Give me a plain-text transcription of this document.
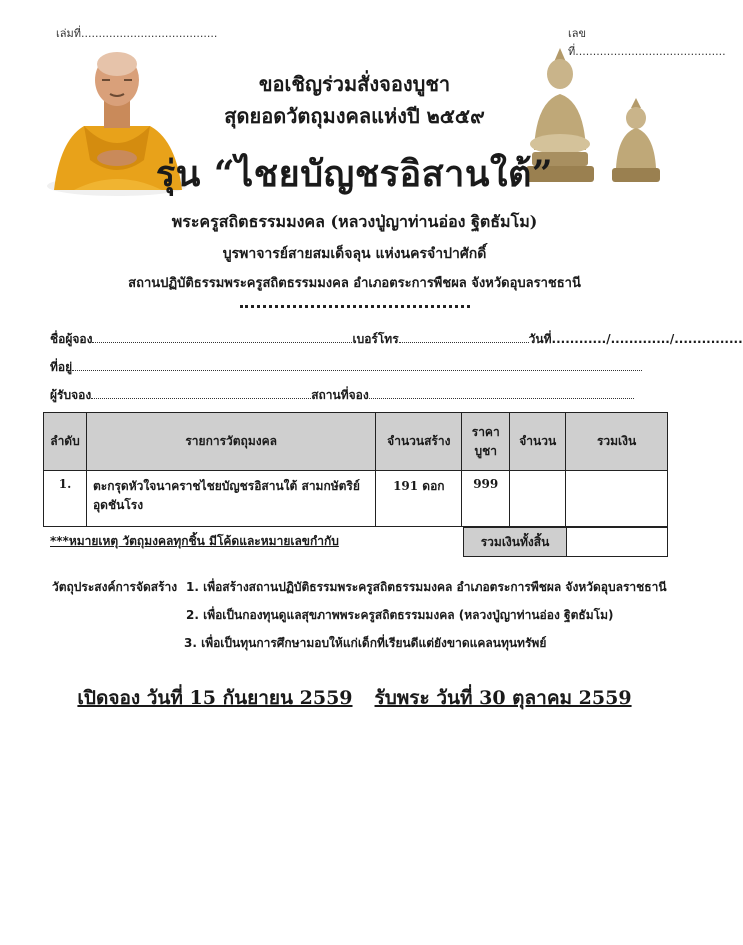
เล่มที่.......................................	เลขที่...........................................
ขอเชิญร่วมสั่งจองบูชา
สุดยอดวัตถุมงคลแห่งปี ๒๕๕๙
รุ่น “ไชยบัญชรอิสานใต้”
พระครูสถิตธรรมมงคล (หลวงปู่ญาท่านอ่อง ฐิตธัมโม)
บูรพาจารย์สายสมเด็จลุน แห่งนครจำปาศักดิ์
สถานปฏิบัติธรรมพระครูสถิตธรรมมงคล อำเภอตระการพืชผล จังหวัดอุบลราชธานี
ชื่อผู้จอง	เบอร์โทร	วันที่............/............./...............
ที่อยู่
ผู้รับจอง	สถานที่จอง
ลำดับ	รายการวัตถุมงคล	จำนวนสร้าง	ราคา บูชา	จำนวน	รวมเงิน
1.	ตะกรุดหัวใจนาคราชไชยบัญชรอิสานใต้ สามกษัตริย์ อุดชันโรง	191 ดอก	999		
***หมายเหตุ วัตถุมงคลทุกชิ้น มีโค้ดและหมายเลขกำกับ	รวมเงินทั้งสิ้น
วัตถุประสงค์การจัดสร้าง 1. เพื่อสร้างสถานปฏิบัติธรรมพระครูสถิตธรรมมงคล อำเภอตระการพืชผล จังหวัดอุบลราชธานี
2. เพื่อเป็นกองทุนดูแลสุขภาพพระครูสถิตธรรมมงคล (หลวงปู่ญาท่านอ่อง ฐิตธัมโม)
3. เพื่อเป็นทุนการศึกษามอบให้แก่เด็กที่เรียนดีแต่ยังขาดแคลนทุนทรัพย์
เปิดจอง วันที่ 15 กันยายน 2559 รับพระ วันที่ 30 ตุลาคม 2559
